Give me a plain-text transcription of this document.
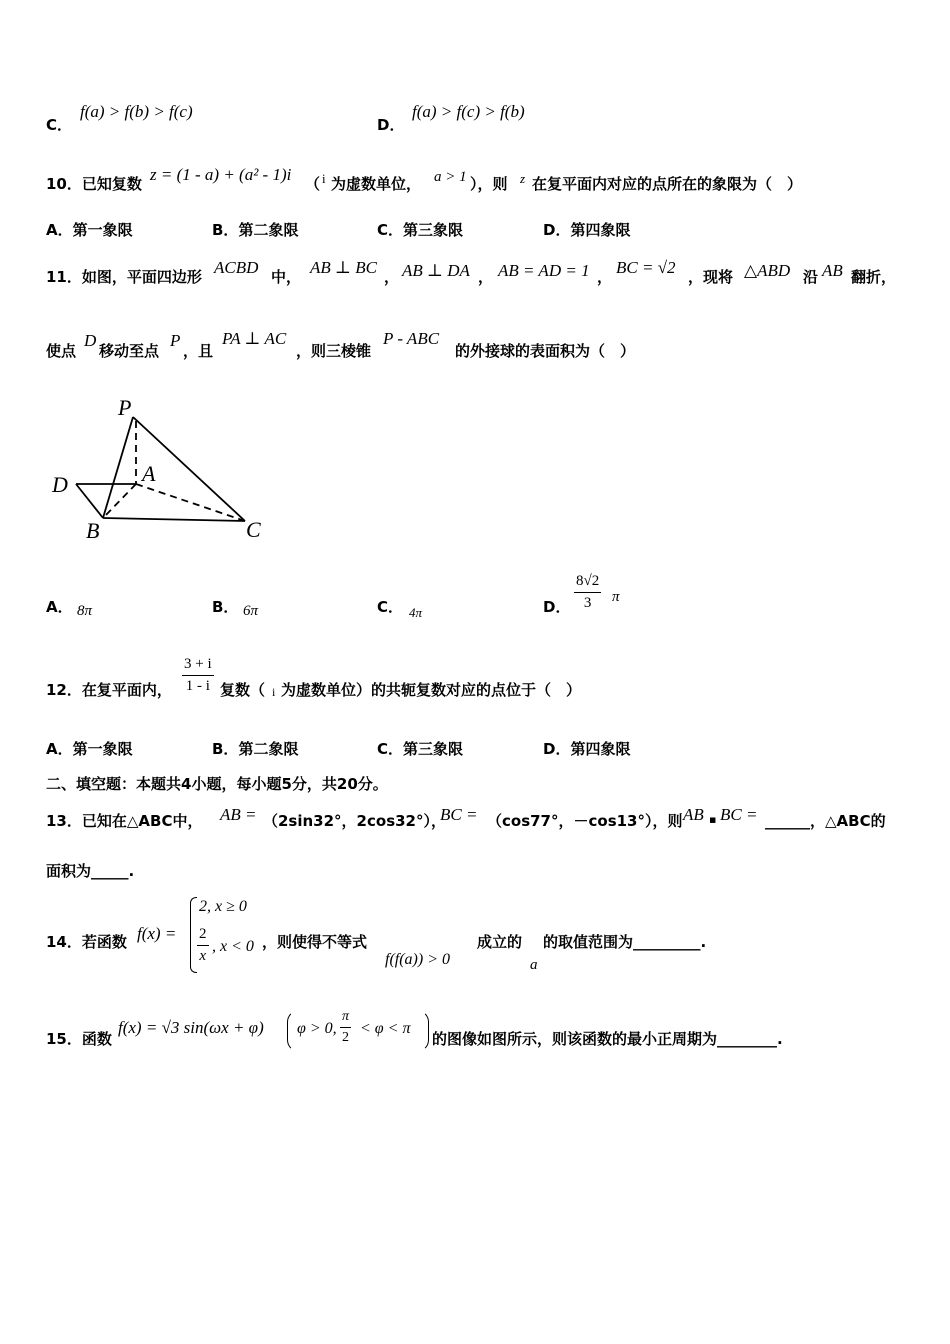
C．
f(a) > f(b) > f(c)
D．
f(a) > f(c) > f(b)
10．已知复数 z = (1 - a) + (a² - 1)i （ i 为虚数单位， a > 1 ），则 z 在复平面内对应的点所在的象限为（　）
A．第一象限	B．第二象限	C．第三象限	D．第四象限
11．如图，平面四边形 ACBD 中， AB ⊥ BC ， AB ⊥ DA ， AB = AD = 1 ， BC = √2 ，现将 △ABD 沿 AB 翻折，
使点
D
移动至点
P
，且
PA ⊥ AC
，则三棱锥
P - ABC
的外接球的表面积为（　）
P
A
D
B	C
A． 8π	B． 6π	C． 4π	D． $\frac{8√2}{3}$ π
12．在复平面内， $\frac{3 + i}{1 - i}$ 复数（ i 为虚数单位）的共轭复数对应的点位于（　）
A．第一象限	B．第二象限	C．第三象限	D．第四象限
二、填空题：本题共4小题，每小题5分，共20分。
13．已知在△ABC中， AB = （2sin32°，2cos32°），
BC = （cos77°，－cos13°），则 AB ▪ BC = ______，△ABC的
面积为_____.
14．若函数 f(x) =
2, x ≥ 0
$\frac{2}{x}$ , x < 0 ，则使得不等式
f(f(a)) > 0
成立的
a
的取值范围为_________.
15．函数
f(x) = √3 sin(ωx + φ) φ > 0, $\frac{\pi}{2} < \varphi < \pi$
的图像如图所示，则该函数的最小正周期为________.
